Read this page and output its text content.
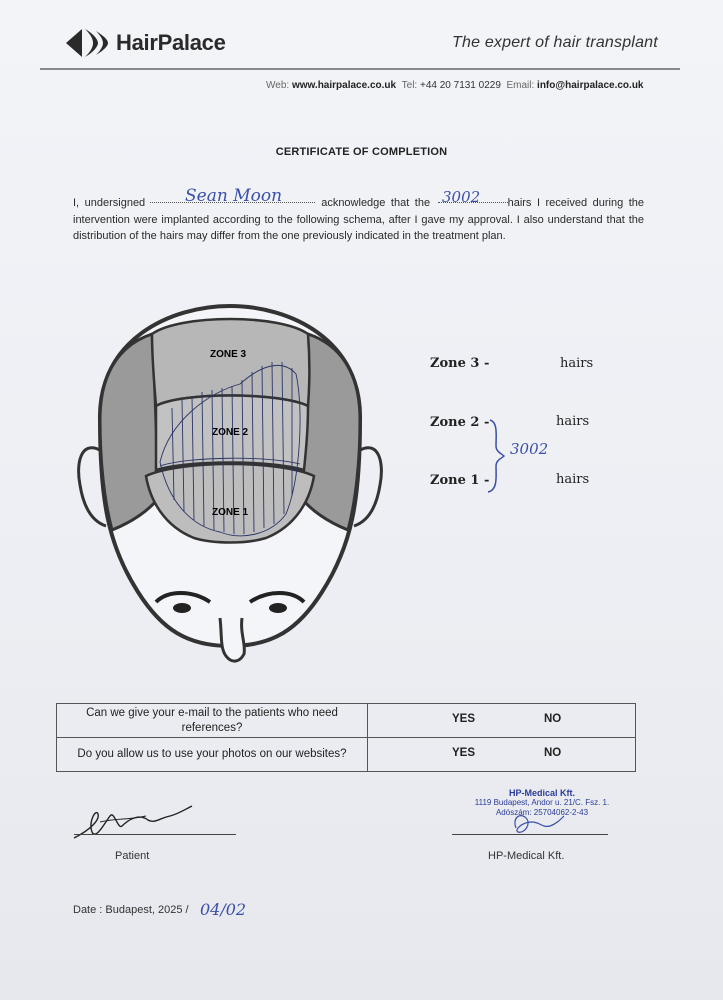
HairPalace	The expert of hair transplant
Web: www.hairpalace.co.uk Tel: +44 20 7131 0229 Email: info@hairpalace.co.uk
CERTIFICATE OF COMPLETION
I, undersigned	acknowledge that the	hairs I received during the intervention were implanted according to the following schema, after I gave my approval. I also understand that the distribution of the hairs may differ from the one previously indicated in the treatment plan.
Sean Moon	3002
ZONE 3
ZONE 2
ZONE 1
Zone 3 -	hairs
Zone 2 -	hairs
Zone 1 -	hairs
3002
Can we give your e-mail to the patients who need references?	YES NO

Do you allow us to use your photos on our websites?	YES NO
Patient
HP-Medical Kft.
1119 Budapest, Andor u. 21/C. Fsz. 1.
Adószám: 25704062-2-43
HP-Medical Kft.
Date : Budapest, 2025 / 04/02
